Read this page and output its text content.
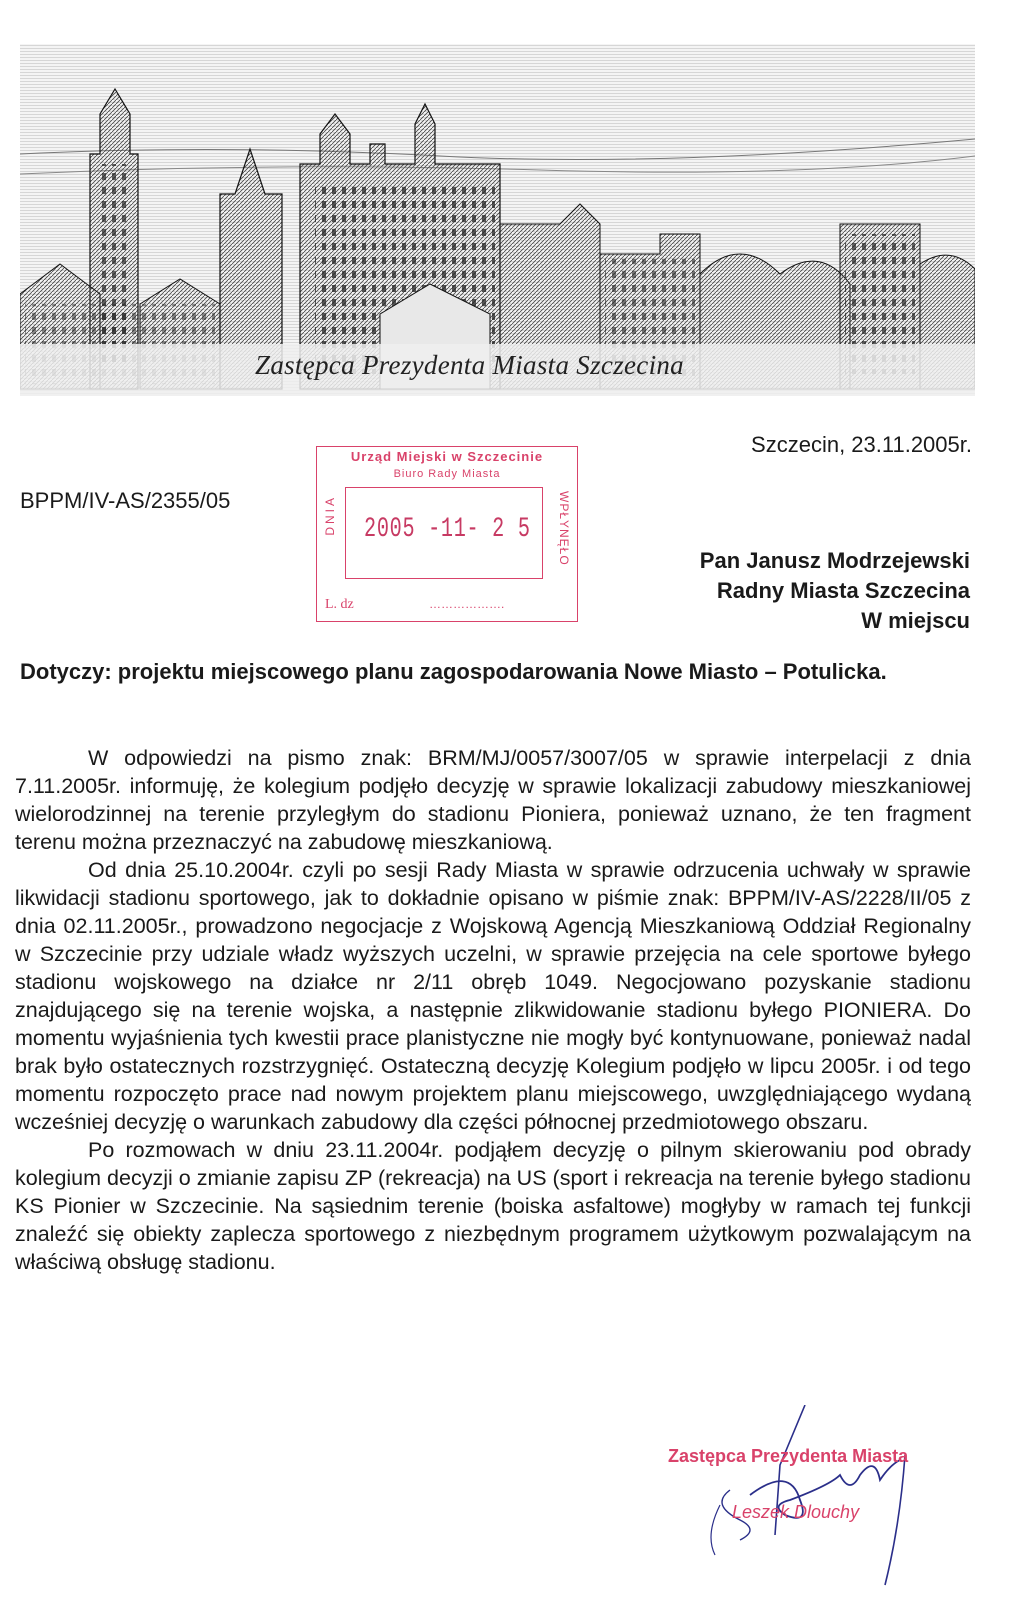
Zastępca Prezydenta Miasta Szczecina
BPPM/IV-AS/2355/05
Szczecin, 23.11.2005r.
Urząd Miejski w Szczecinie
Biuro Rady Miasta
DNIA 2005 -11- 2 5 WPŁYNĘŁO
L. dz	……………….
Pan Janusz Modrzejewski
Radny Miasta Szczecina
W miejscu
Dotyczy: projektu miejscowego planu zagospodarowania Nowe Miasto – Potulicka.

W odpowiedzi na pismo znak: BRM/MJ/0057/3007/05 w sprawie interpelacji z dnia 7.11.2005r. informuję, że kolegium podjęło decyzję w sprawie lokalizacji zabudowy mieszkaniowej wielorodzinnej na terenie przyległym do stadionu Pioniera, ponieważ uznano, że ten fragment terenu można przeznaczyć na zabudowę mieszkaniową.

Od dnia 25.10.2004r. czyli po sesji Rady Miasta w sprawie odrzucenia uchwały w sprawie likwidacji stadionu sportowego, jak to dokładnie opisano w piśmie znak: BPPM/IV-AS/2228/II/05 z dnia 02.11.2005r., prowadzono negocjacje z Wojskową Agencją Mieszkaniową Oddział Regionalny w Szczecinie przy udziale władz wyższych uczelni, w sprawie przejęcia na cele sportowe byłego stadionu wojskowego na działce nr 2/11 obręb 1049. Negocjowano pozyskanie stadionu znajdującego się na terenie wojska, a następnie zlikwidowanie stadionu byłego PIONIERA. Do momentu wyjaśnienia tych kwestii prace planistyczne nie mogły być kontynuowane, ponieważ nadal brak było ostatecznych rozstrzygnięć. Ostateczną decyzję Kolegium podjęło w lipcu 2005r. i od tego momentu rozpoczęto prace nad nowym projektem planu miejscowego, uwzględniającego wydaną wcześniej decyzję o warunkach zabudowy dla części północnej przedmiotowego obszaru.

Po rozmowach w dniu 23.11.2004r. podjąłem decyzję o pilnym skierowaniu pod obrady kolegium decyzji o zmianie zapisu ZP (rekreacja) na US (sport i rekreacja na terenie byłego stadionu KS Pionier w Szczecinie. Na sąsiednim terenie (boiska asfaltowe) mogłyby w ramach tej funkcji znaleźć się obiekty zaplecza sportowego z niezbędnym programem użytkowym pozwalającym na właściwą obsługę stadionu.

Zastępca Prezydenta Miasta
Leszek Dlouchy
